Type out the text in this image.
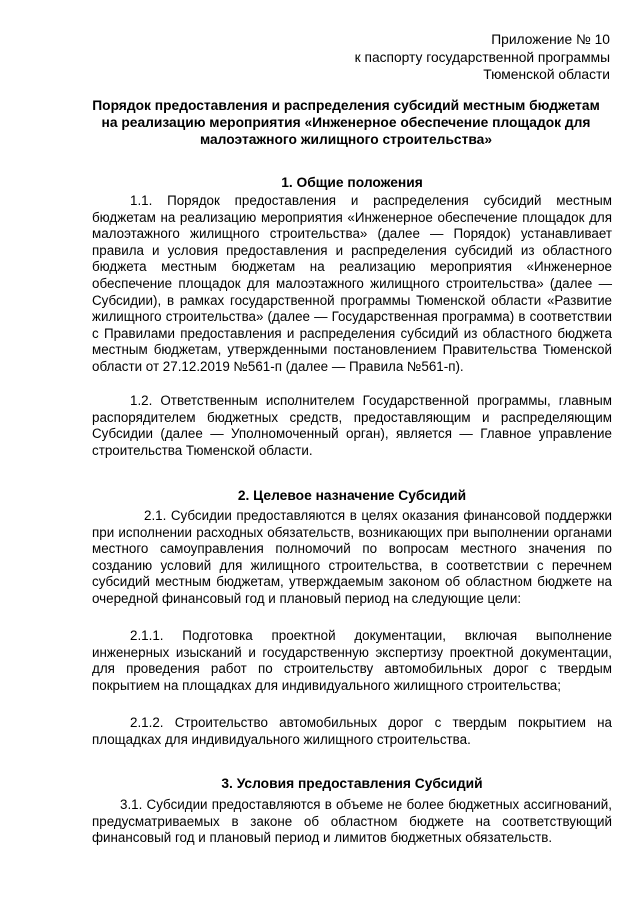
Приложение № 10
к паспорту государственной программы
Тюменской области
Порядок предоставления и распределения субсидий местным бюджетам
на реализацию мероприятия «Инженерное обеспечение площадок для
малоэтажного жилищного строительства»
1. Общие положения

1.1. Порядок предоставления и распределения субсидий местным бюджетам на реализацию мероприятия «Инженерное обеспечение площадок для малоэтажного жилищного строительства» (далее — Порядок) устанавливает правила и условия предоставления и распределения субсидий из областного бюджета местным бюджетам на реализацию мероприятия «Инженерное обеспечение площадок для малоэтажного жилищного строительства» (далее — Субсидии), в рамках государственной программы Тюменской области «Развитие жилищного строительства» (далее — Государственная программа) в соответствии с Правилами предоставления и распределения субсидий из областного бюджета местным бюджетам, утвержденными постановлением Правительства Тюменской области от 27.12.2019 №561-п (далее — Правила №561-п).

1.2. Ответственным исполнителем Государственной программы, главным распорядителем бюджетных средств, предоставляющим и распределяющим Субсидии (далее — Уполномоченный орган), является — Главное управление строительства Тюменской области.

2. Целевое назначение Субсидий

2.1. Субсидии предоставляются в целях оказания финансовой поддержки при исполнении расходных обязательств, возникающих при выполнении органами местного самоуправления полномочий по вопросам местного значения по созданию условий для жилищного строительства, в соответствии с перечнем субсидий местным бюджетам, утверждаемым законом об областном бюджете на очередной финансовый год и плановый период на следующие цели:

2.1.1. Подготовка проектной документации, включая выполнение инженерных изысканий и государственную экспертизу проектной документации, для проведения работ по строительству автомобильных дорог с твердым покрытием на площадках для индивидуального жилищного строительства;

2.1.2. Строительство автомобильных дорог с твердым покрытием на площадках для индивидуального жилищного строительства.

3. Условия предоставления Субсидий

3.1. Субсидии предоставляются в объеме не более бюджетных ассигнований, предусматриваемых в законе об областном бюджете на соответствующий финансовый год и плановый период и лимитов бюджетных обязательств.
